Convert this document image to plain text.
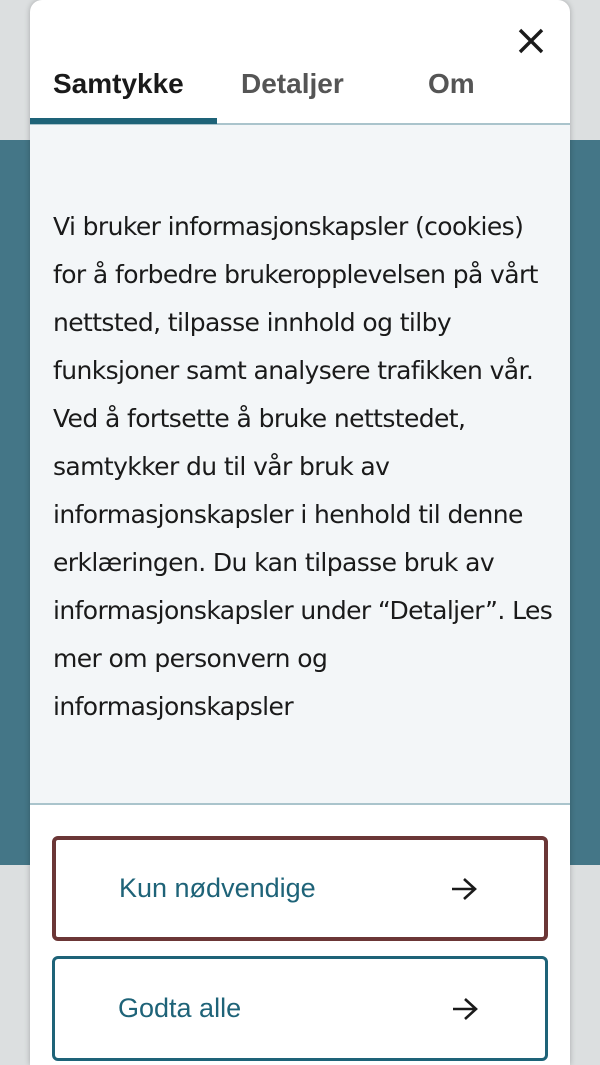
Samtykke Detaljer	Om

Vi bruker informasjonskapsler (cookies) for å forbedre brukeropplevelsen på vårt nettsted, tilpasse innhold og tilby funksjoner samt analysere trafikken vår. Ved å fortsette å bruke nettstedet, samtykker du til vår bruk av informasjonskapsler i henhold til denne erklæringen. Du kan tilpasse bruk av informasjonskapsler under “Detaljer”. Les mer om personvern og informasjonskapsler

Kun nødvendige
Godta alle
